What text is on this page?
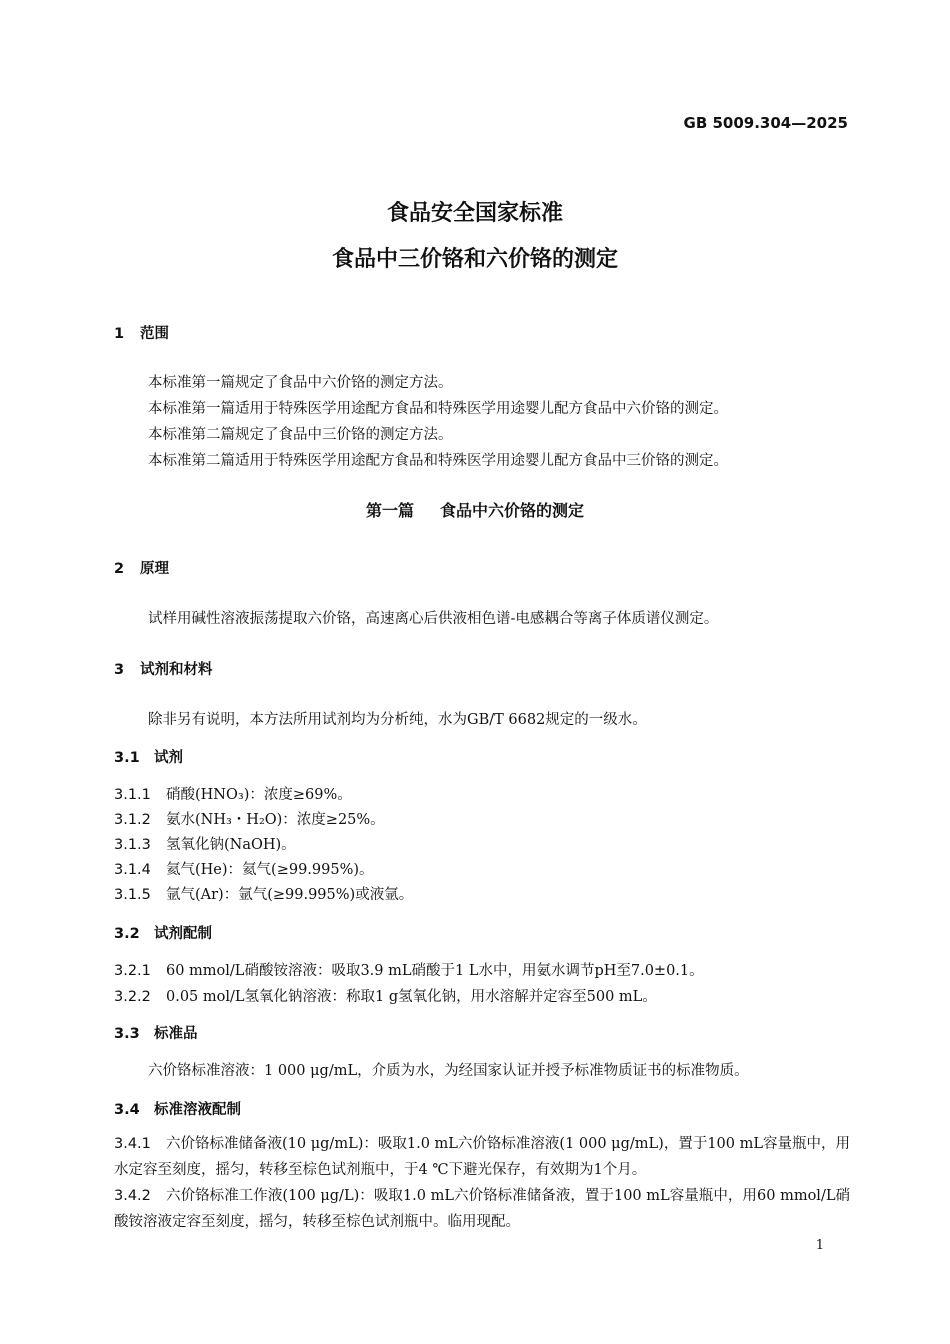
GB 5009.304—2025
食品安全国家标准
食品中三价铬和六价铬的测定
1 范围
本标准第一篇规定了食品中六价铬的测定方法。
本标准第一篇适用于特殊医学用途配方食品和特殊医学用途婴儿配方食品中六价铬的测定。
本标准第二篇规定了食品中三价铬的测定方法。
本标准第二篇适用于特殊医学用途配方食品和特殊医学用途婴儿配方食品中三价铬的测定。
第一篇 食品中六价铬的测定
2 原理
试样用碱性溶液振荡提取六价铬，高速离心后供液相色谱-电感耦合等离子体质谱仪测定。
3 试剂和材料
除非另有说明，本方法所用试剂均为分析纯，水为GB/T 6682规定的一级水。
3.1 试剂
3.1.1 硝酸(HNO₃)：浓度≥69%。
3.1.2 氨水(NH₃・H₂O)：浓度≥25%。
3.1.3 氢氧化钠(NaOH)。
3.1.4 氦气(He)：氦气(≥99.995%)。
3.1.5 氩气(Ar)：氩气(≥99.995%)或液氩。
3.2 试剂配制
3.2.1 60 mmol/L硝酸铵溶液：吸取3.9 mL硝酸于1 L水中，用氨水调节pH至7.0±0.1。
3.2.2 0.05 mol/L氢氧化钠溶液：称取1 g氢氧化钠，用水溶解并定容至500 mL。
3.3 标准品
六价铬标准溶液：1 000 μg/mL，介质为水，为经国家认证并授予标准物质证书的标准物质。
3.4 标准溶液配制
3.4.1 六价铬标准储备液(10 μg/mL)：吸取1.0 mL六价铬标准溶液(1 000 μg/mL)，置于100 mL容量瓶中，用水定容至刻度，摇匀，转移至棕色试剂瓶中，于4 ℃下避光保存，有效期为1个月。
3.4.2 六价铬标准工作液(100 μg/L)：吸取1.0 mL六价铬标准储备液，置于100 mL容量瓶中，用60 mmol/L硝酸铵溶液定容至刻度，摇匀，转移至棕色试剂瓶中。临用现配。
1
